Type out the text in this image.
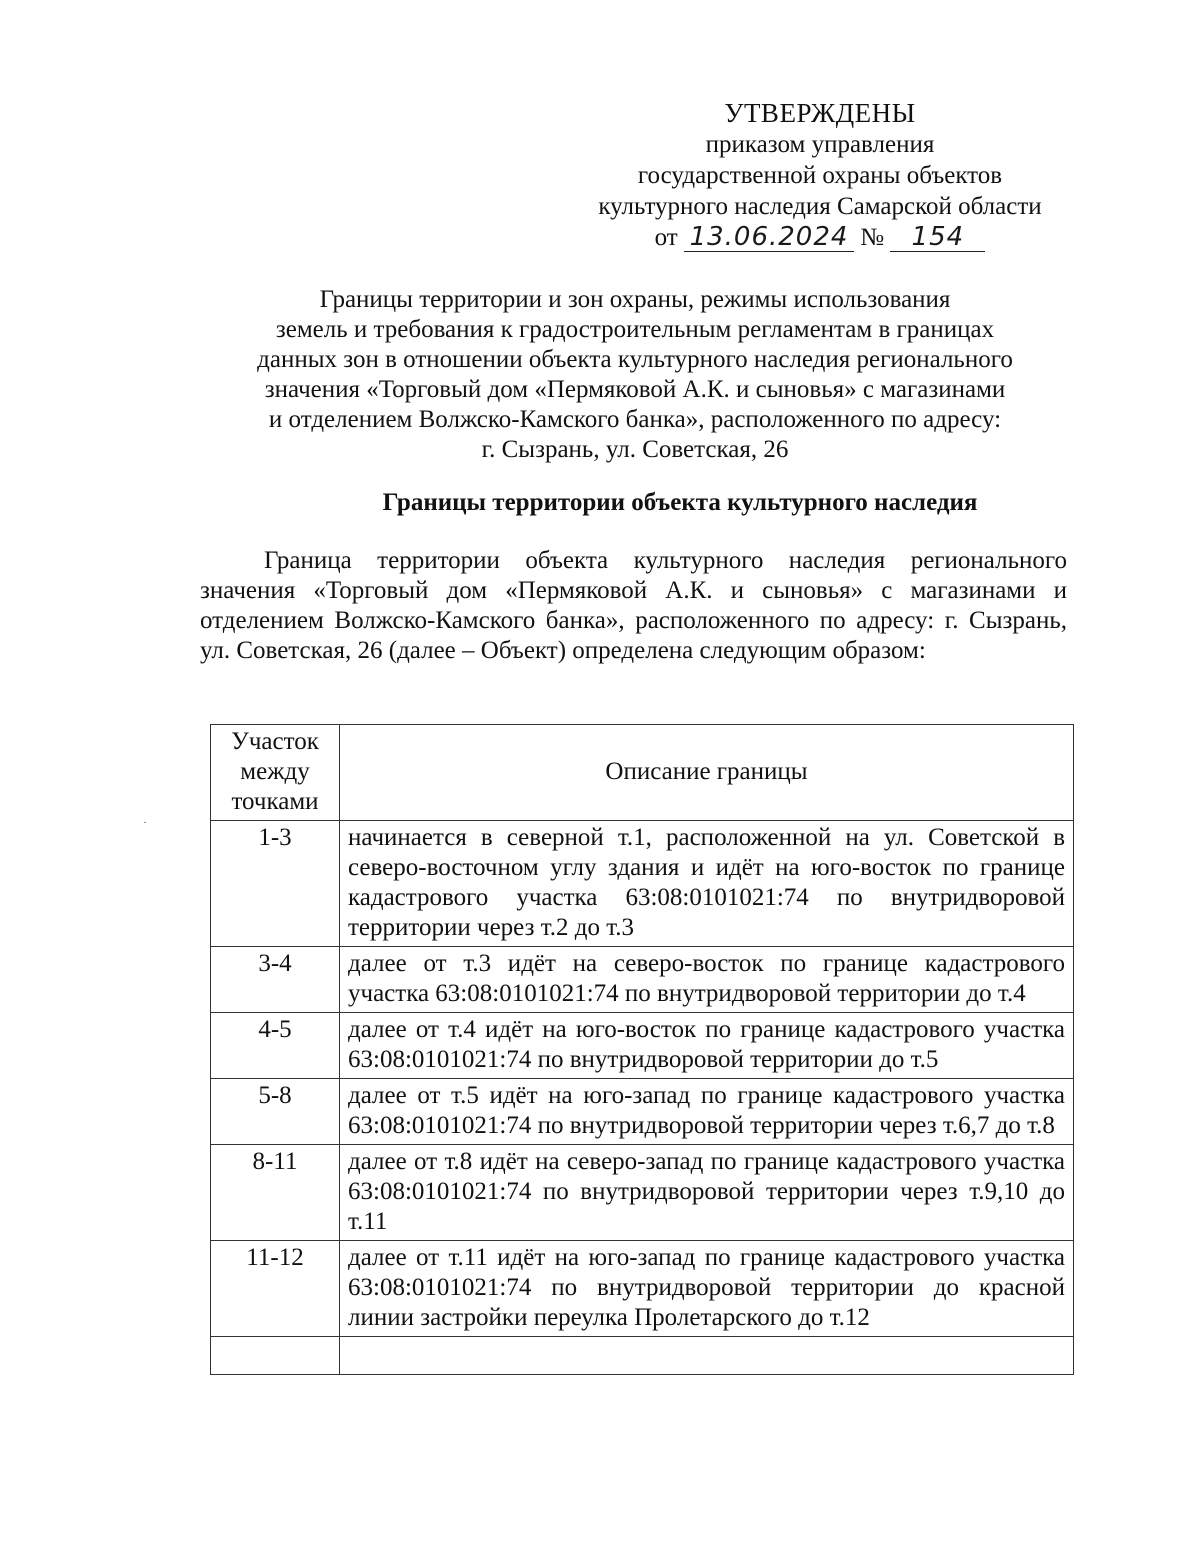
УТВЕРЖДЕНЫ
приказом управления
государственной охраны объектов
культурного наследия Самарской области
от 13.06.2024 № 154
Границы территории и зон охраны, режимы использования
земель и требования к градостроительным регламентам в границах
данных зон в отношении объекта культурного наследия регионального
значения «Торговый дом «Пермяковой А.К. и сыновья» с магазинами
и отделением Волжско-Камского банка», расположенного по адресу:
г. Сызрань, ул. Советская, 26
Границы территории объекта культурного наследия

Граница территории объекта культурного наследия регионального значения «Торговый дом «Пермяковой А.К. и сыновья» с магазинами и отделением Волжско-Камского банка», расположенного по адресу: г. Сызрань, ул. Советская, 26 (далее – Объект) определена следующим образом:

Участок между точками	Описание границы
1-3	начинается в северной т.1, расположенной на ул. Советской в северо-восточном углу здания и идёт на юго-восток по границе кадастрового участка 63:08:0101021:74 по внутридворовой территории через т.2 до т.3
3-4	далее от т.3 идёт на северо-восток по границе кадастрового участка 63:08:0101021:74 по внутридворовой территории до т.4
4-5	далее от т.4 идёт на юго-восток по границе кадастрового участка 63:08:0101021:74 по внутридворовой территории до т.5
5-8	далее от т.5 идёт на юго-запад по границе кадастрового участка 63:08:0101021:74 по внутридворовой территории через т.6,7 до т.8
8-11	далее от т.8 идёт на северо-запад по границе кадастрового участка 63:08:0101021:74 по внутридворовой территории через т.9,10 до т.11
11-12	далее от т.11 идёт на юго-запад по границе кадастрового участка 63:08:0101021:74 по внутридворовой территории до красной линии застройки переулка Пролетарского до т.12
